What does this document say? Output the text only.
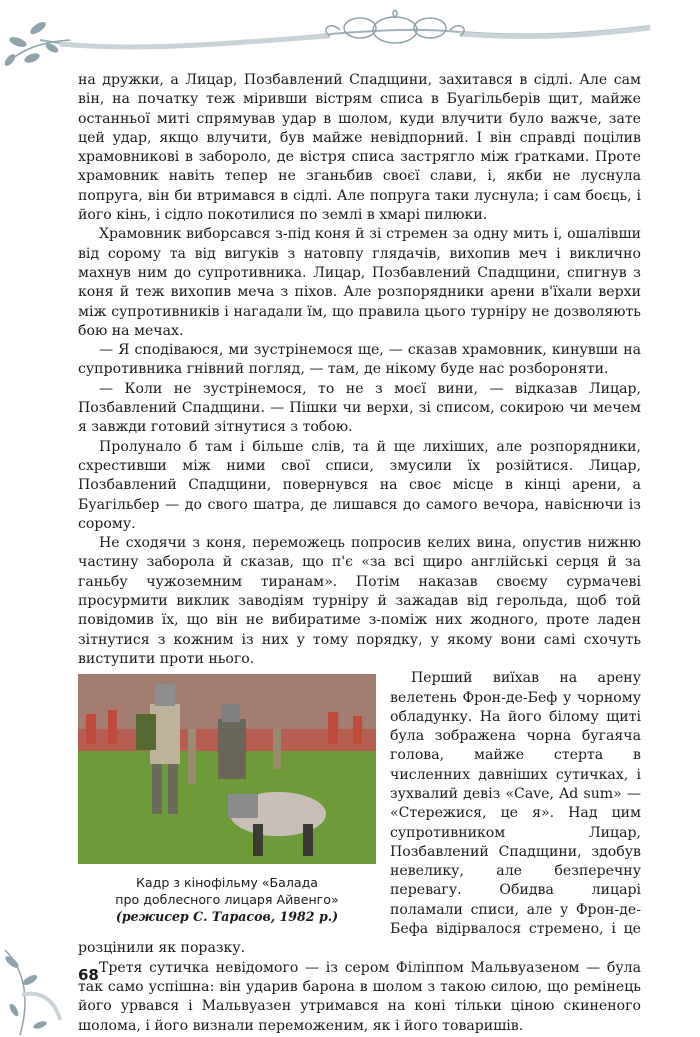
на дружки, а Лицар, Позбавлений Спадщини, захитався в сідлі. Але сам він, на початку теж міривши вістрям списа в Буагільберів щит, майже останньої миті спрямував удар в шолом, куди влучити було важче, зате цей удар, якщо влучити, був майже невідпорний. І він справді поцілив храмовникові в забороло, де вістря списа застрягло між ґратками. Проте храмовник навіть тепер не зганьбив своєї слави, і, якби не луснула попруга, він би втримався в сідлі. Але попруга таки луснула; і сам боєць, і його кінь, і сідло покотилися по землі в хмарі пилюки.

Храмовник виборсався з-під коня й зі стремен за одну мить і, ошалівши від сорому та від вигуків з натовпу глядачів, вихопив меч і виклично махнув ним до супротивника. Лицар, Позбавлений Спадщини, спигнув з коня й теж вихопив меча з піхов. Але розпорядники арени в'їхали верхи між супротивників і нагадали їм, що правила цього турніру не дозволяють бою на мечах.

— Я сподіваюся, ми зустрінемося ще, — сказав храмовник, кинувши на супротивника гнівний погляд, — там, де нікому буде нас розбороняти.

— Коли не зустрінемося, то не з моєї вини, — відказав Лицар, Позбавлений Спадщини. — Пішки чи верхи, зі списом, сокирою чи мечем я завжди готовий зітнутися з тобою.

Пролунало б там і більше слів, та й ще лихіших, але розпорядники, схрестивши між ними свої списи, змусили їх розійтися. Лицар, Позбавлений Спадщини, повернувся на своє місце в кінці арени, а Буагільбер — до свого шатра, де лишався до самого вечора, навіснючи із сорому.

Не сходячи з коня, переможець попросив келих вина, опустив нижню частину заборола й сказав, що п'є «за всі щиро англійські серця й за ганьбу чужоземним тиранам». Потім наказав своєму сурмачеві просурмити виклик заводіям турніру й зажадав від герольда, щоб той повідомив їх, що він не вибиратиме з-поміж них жодного, проте ладен зітнутися з кожним із них у тому порядку, у якому вони самі схочуть виступити проти нього.

Кадр з кінофільму «Балада
про доблесного лицаря Айвенго»
(режисер С. Тарасов, 1982 р.)

Перший виїхав на арену велетень Фрон-де-Беф у чорному обладунку. На його білому щиті була зображена чорна бугаяча голова, майже стерта в численних давніших сутичках, і зухвалий девіз «Cave, Ad sum» — «Стережися, це я». Над цим супротивником Лицар, Позбавлений Спадщини, здобув невелику, але безперечну перевагу. Обидва лицарі поламали списи, але у Фрон-де-Бефа відірвалося стремено, і це розцінили як поразку.

Третя сутичка невідомого — із сером Філіппом Мальвуазеном — була так само успішна: він ударив барона в шолом з такою силою, що ремінець його урвався і Мальвуазен утримався на коні тільки ціною скиненого шолома, і його визнали переможеним, як і його товаришів.

68
